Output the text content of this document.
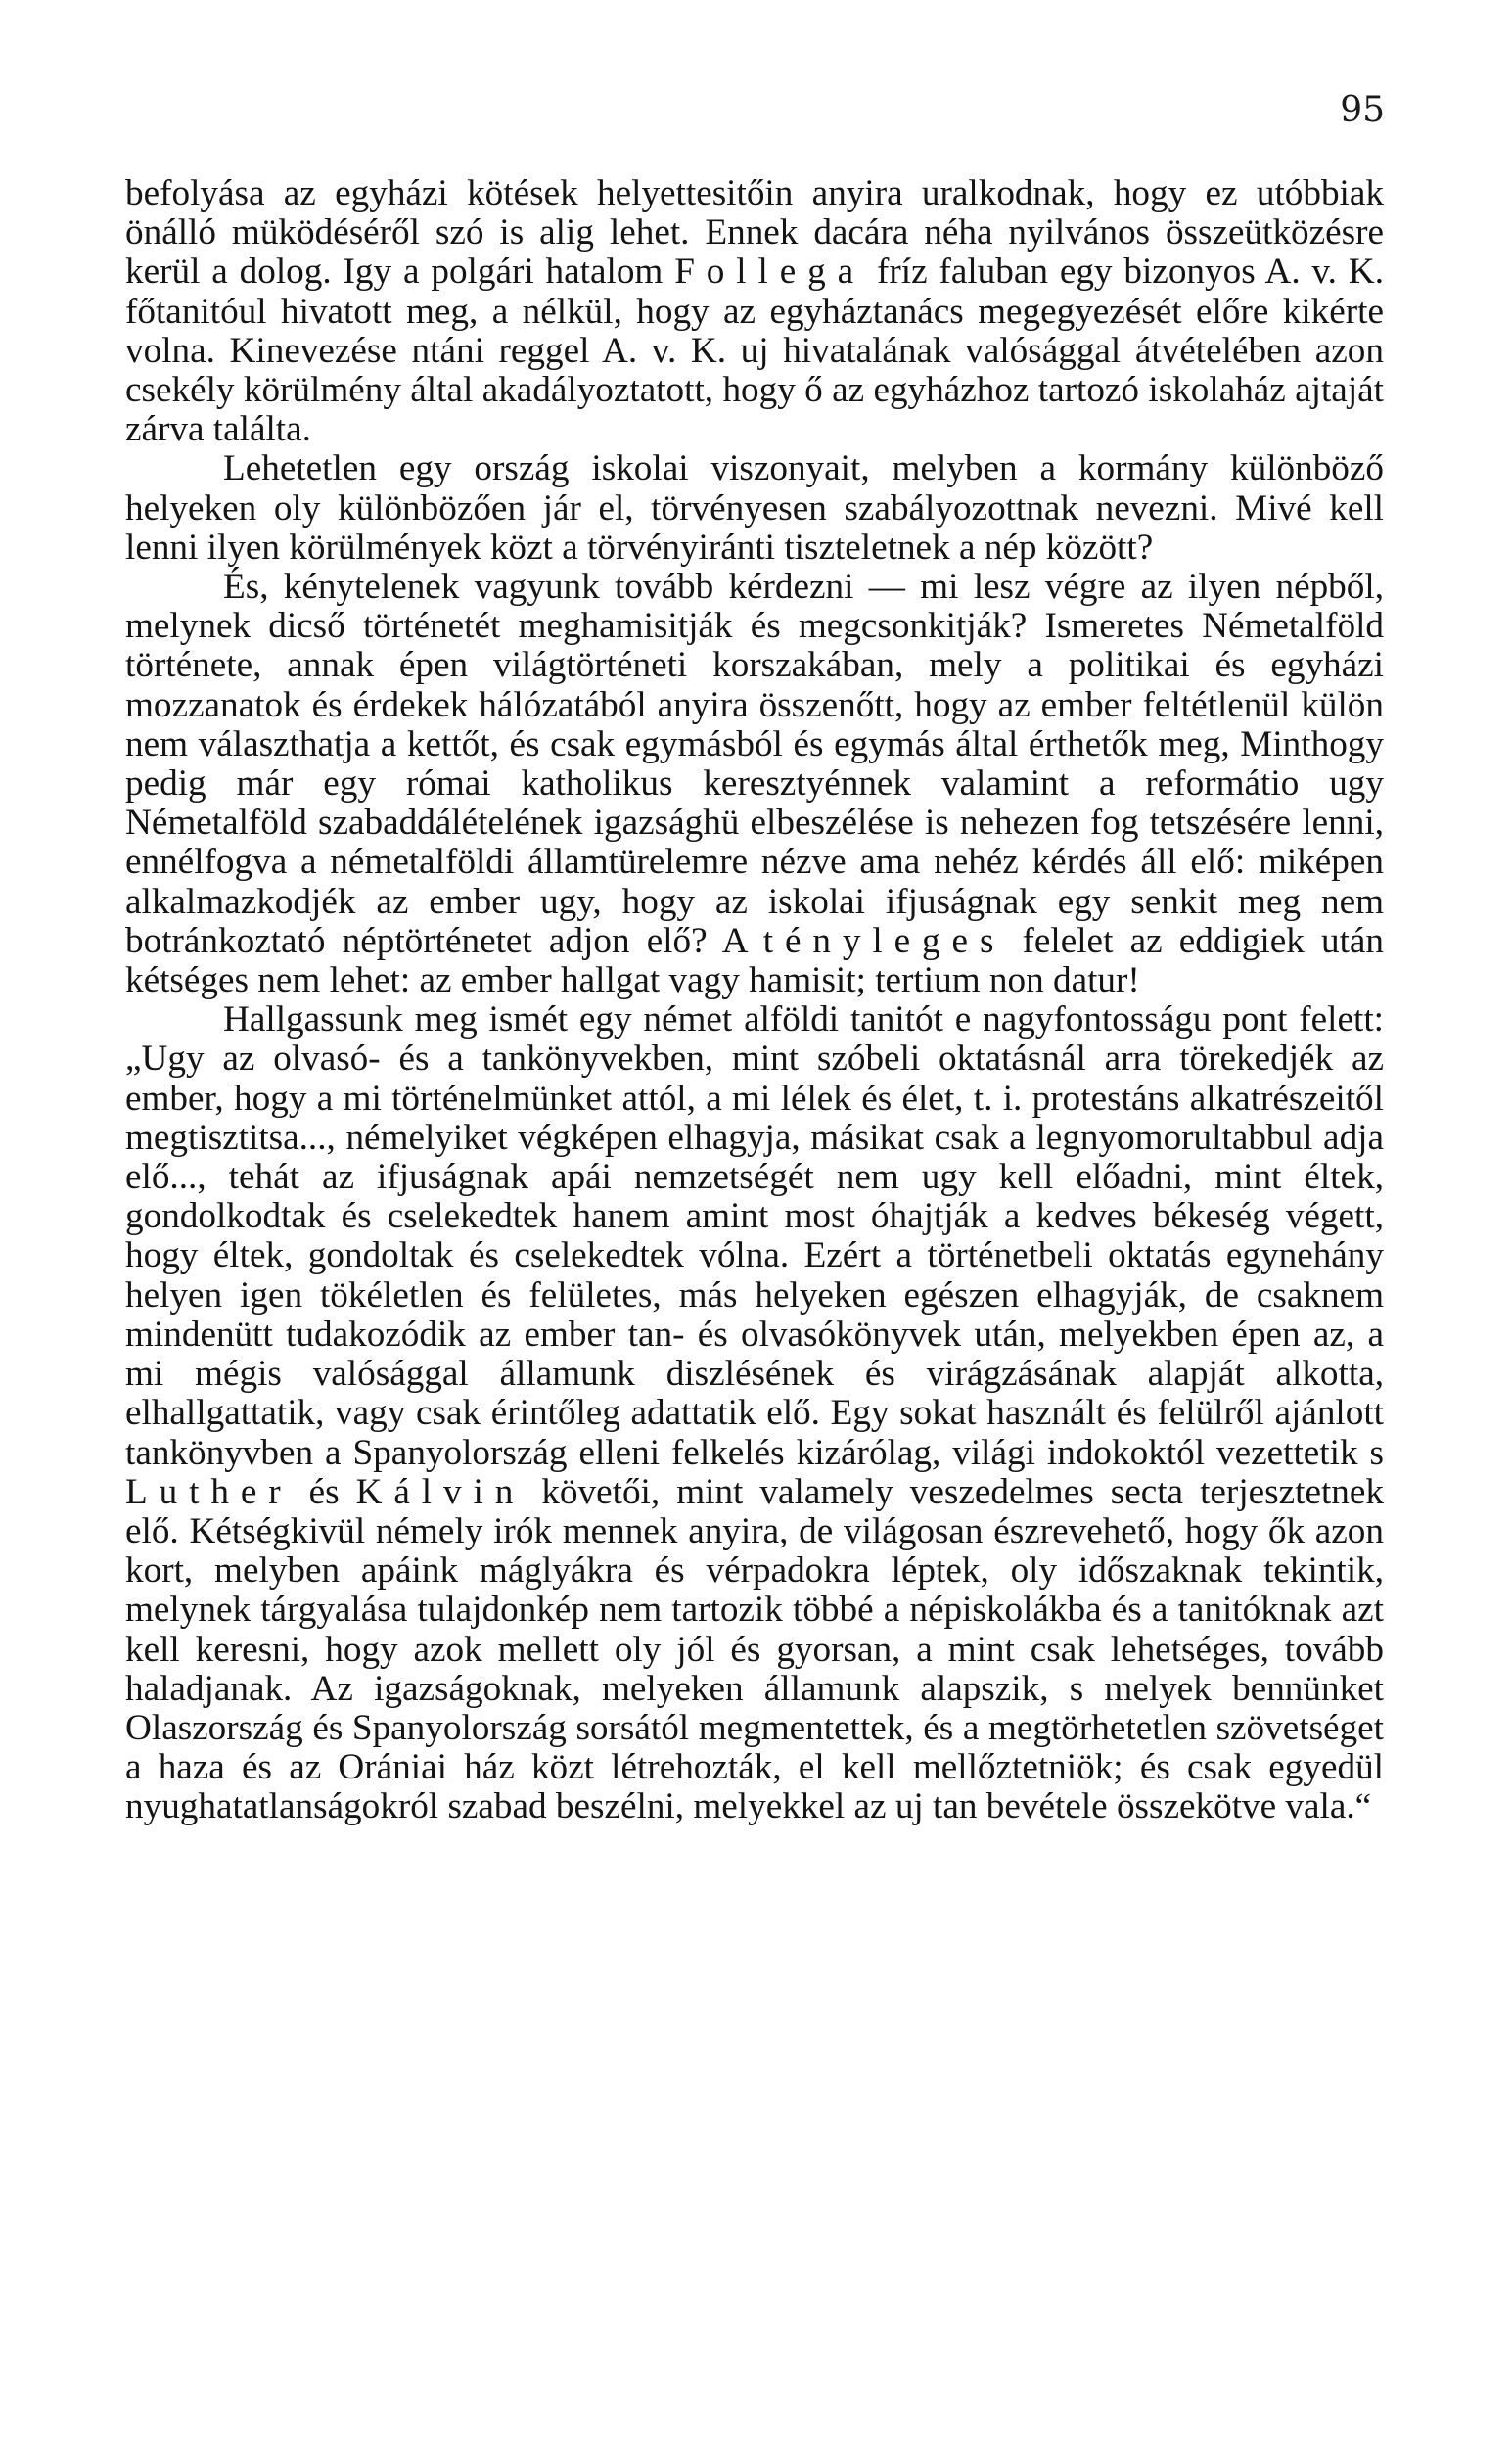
95

befolyása az egyházi kötések helyettesitőin anyira uralkodnak, hogy ez utóbbiak önálló müködéséről szó is alig lehet. Ennek dacára néha nyilvános összeütközésre kerül a dolog. Igy a polgári hatalom Follega fríz faluban egy bizonyos A. v. K. főtanitóul hivatott meg, a nélkül, hogy az egyháztanács megegyezését előre kikérte volna. Kinevezése ntáni reggel A. v. K. uj hivatalának valósággal átvételében azon csekély körülmény által akadályoztatott, hogy ő az egyházhoz tartozó iskolaház ajtaját zárva találta.

Lehetetlen egy ország iskolai viszonyait, melyben a kormány különböző helyeken oly különbözően jár el, törvényesen szabályozottnak nevezni. Mivé kell lenni ilyen körülmények közt a törvényiránti tiszteletnek a nép között?

És, kénytelenek vagyunk tovább kérdezni — mi lesz végre az ilyen népből, melynek dicső történetét meghamisitják és megcsonkitják? Ismeretes Németalföld története, annak épen világtörténeti korszakában, mely a politikai és egyházi mozzanatok és érdekek hálózatából anyira összenőtt, hogy az ember feltétlenül külön nem választhatja a kettőt, és csak egymásból és egymás által érthetők meg, Minthogy pedig már egy római katholikus keresztyénnek valamint a reformátio ugy Németalföld szabaddálételének igazsághü elbeszélése is nehezen fog tetszésére lenni, ennélfogva a németalföldi államtürelemre nézve ama nehéz kérdés áll elő: miképen alkalmazkodjék az ember ugy, hogy az iskolai ifjuságnak egy senkit meg nem botránkoztató néptörténetet adjon elő? A tényleges felelet az eddigiek után kétséges nem lehet: az ember hallgat vagy hamisit; tertium non datur!

Hallgassunk meg ismét egy német alföldi tanitót e nagyfontosságu pont felett: „Ugy az olvasó- és a tankönyvekben, mint szóbeli oktatásnál arra törekedjék az ember, hogy a mi történelmünket attól, a mi lélek és élet, t. i. protestáns alkatrészeitől megtisztitsa..., némelyiket végképen elhagyja, másikat csak a legnyomorultabbul adja elő..., tehát az ifjuságnak apái nemzetségét nem ugy kell előadni, mint éltek, gondolkodtak és cselekedtek hanem amint most óhajtják a kedves békeség végett, hogy éltek, gondoltak és cselekedtek vólna. Ezért a történetbeli oktatás egynehány helyen igen tökéletlen és felületes, más helyeken egészen elhagyják, de csaknem mindenütt tudakozódik az ember tan- és olvasókönyvek után, melyekben épen az, a mi mégis valósággal államunk diszlésének és virágzásának alapját alkotta, elhallgattatik, vagy csak érintőleg adattatik elő. Egy sokat használt és felülről ajánlott tankönyvben a Spanyolország elleni felkelés kizárólag, világi indokoktól vezettetik s Luther és Kálvin követői, mint valamely veszedelmes secta terjesztetnek elő. Kétségkivül némely irók mennek anyira, de világosan észrevehető, hogy ők azon kort, melyben apáink máglyákra és vérpadokra léptek, oly időszaknak tekintik, melynek tárgyalása tulajdonkép nem tartozik többé a népiskolákba és a tanitóknak azt kell keresni, hogy azok mellett oly jól és gyorsan, a mint csak lehetséges, tovább haladjanak. Az igazságoknak, melyeken államunk alapszik, s melyek bennünket Olaszország és Spanyolország sorsától megmentettek, és a megtörhetetlen szövetséget a haza és az Orániai ház közt létrehozták, el kell mellőztetniök; és csak egyedül nyughatatlanságokról szabad beszélni, melyekkel az uj tan bevétele összekötve vala.“
